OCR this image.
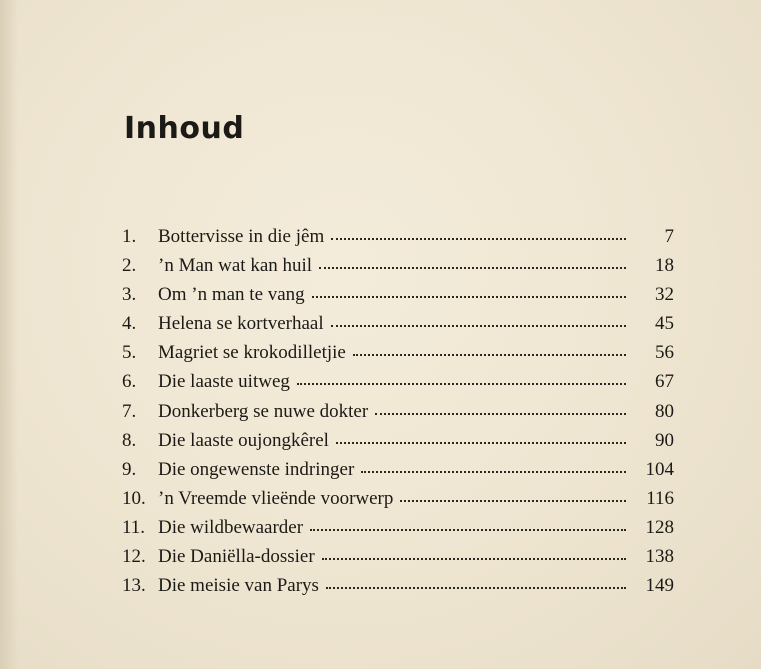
Inhoud
1.	Bottervisse in die jêm	7
2.	’n Man wat kan huil	18
3.	Om ’n man te vang	32
4.	Helena se kortverhaal	45
5.	Magriet se krokodilletjie	56
6.	Die laaste uitweg	67
7.	Donkerberg se nuwe dokter	80
8.	Die laaste oujongkêrel	90
9.	Die ongewenste indringer	104
10. ’n Vreemde vlieënde voorwerp	116
11. Die wildbewaarder	128
12. Die Daniëlla-dossier	138
13. Die meisie van Parys	149
